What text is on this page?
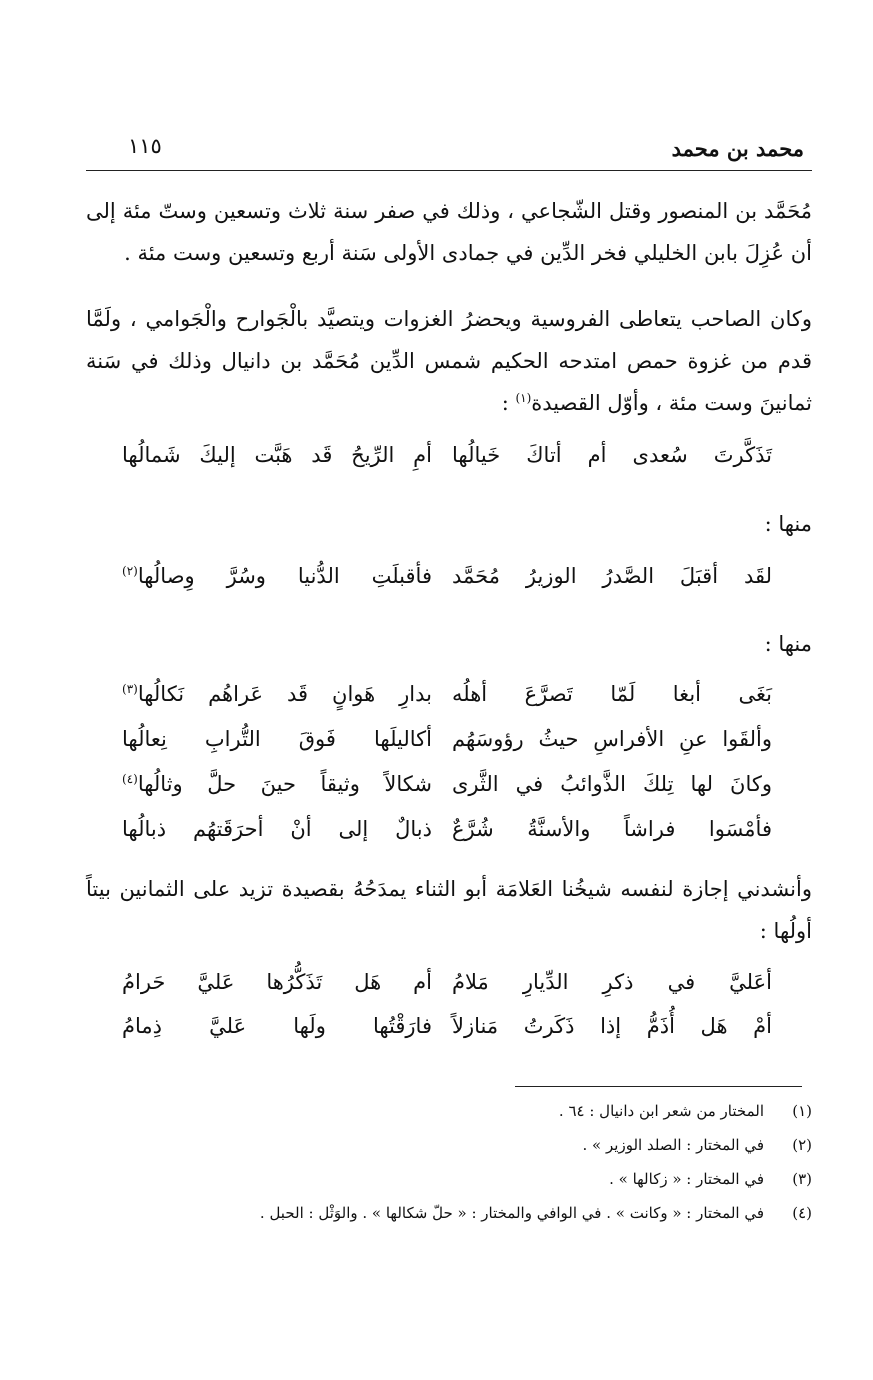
محمد بن محمد
١١٥
مُحَمَّد بن المنصور وقتل الشّجاعي ، وذلك في صفر سنة ثلاث وتسعين وستّ مئة إلى أن عُزِلَ بابن الخليلي فخر الدِّين في جمادى الأولى سَنة أربع وتسعين وست مئة .
وكان الصاحب يتعاطى الفروسية ويحضرُ الغزوات ويتصيَّد بالْجَوارح والْجَوامي ، ولَمَّا قدم من غزوة حمص امتدحه الحكيم شمس الدِّين مُحَمَّد بن دانيال وذلك في سَنة ثمانينَ وست مئة ، وأوّل القصيدة$^{(١)}$ :
تَذَكَّرتَ سُعدى أم أتاكَ خَيالُها
أمِ الرِّيحُ قَد هَبَّت إليكَ شَمالُها
منها :
لقَد أقبَلَ الصَّدرُ الوزيرُ مُحَمَّد
فأقبلَتِ الدُّنيا وسُرَّ وِصالُها$^{(٢)}$
منها :
بَغَى أبغا لَمّا تَصرَّعَ أهلُه
بدارِ هَوانٍ قَد عَراهُم نَكالُها$^{(٣)}$
وألقَوا عنِ الأفراسِ حيثُ رؤوسَهُم
أكاليلَها فَوقَ التُّرابِ نِعالُها
وكانَ لها تِلكَ الذَّوائبُ في الثَّرى
شكالاً وثيقاً حينَ حلَّ وثالُها$^{(٤)}$
فأمْسَوا فراشاً والأسنَّةُ شُرَّعٌ
ذبالٌ إلى أنْ أحرَقَتهُم ذبالُها
وأنشدني إجازة لنفسه شيخُنا العَلامَة أبو الثناء يمدَحُهُ بقصيدة تزيد على الثمانين بيتاً أولُها :
أعَليَّ في ذكرِ الدِّيارِ مَلامُ
أم هَل تَذَكُّرُها عَليَّ حَرامُ
أمْ هَل أُذَمُّ إذا ذَكَرتُ مَنازلاً
فارَقْتُها ولَها عَليَّ ذِمامُ
(١)
المختار من شعر ابن دانيال : ٦٤ .
(٢)
في المختار : الصلد الوزير » .
(٣)
في المختار : « زكالها » .
(٤)
في المختار : « وكانت » . في الوافي والمختار : « حلّ شكالها » . والوَثْل : الحبل .
